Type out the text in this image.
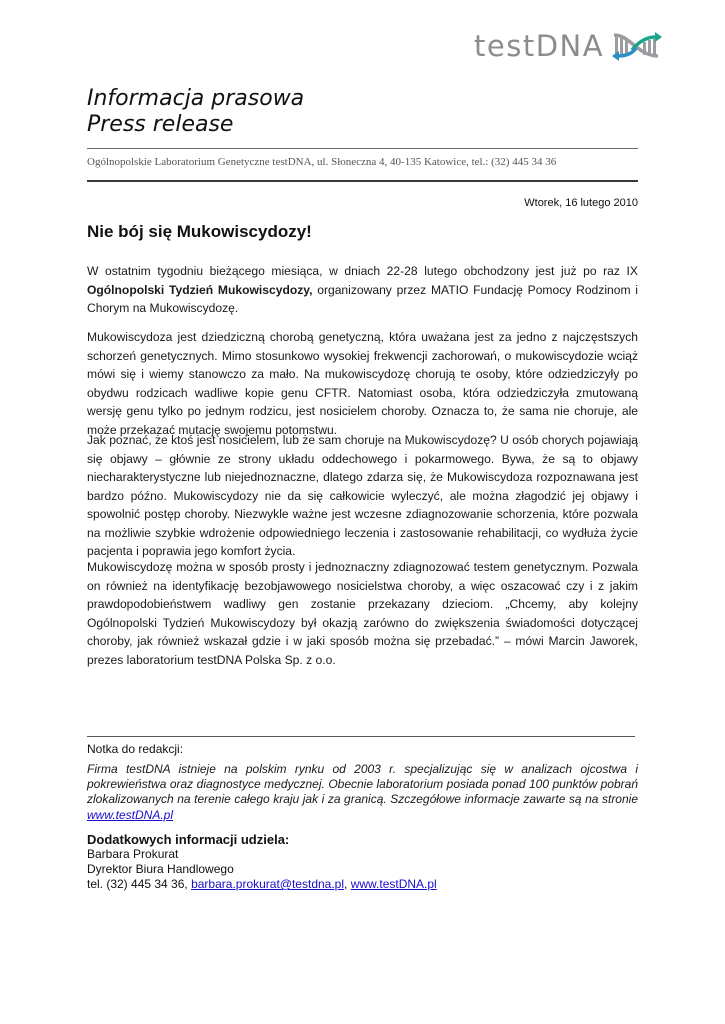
testDNA
Informacja prasowa
Press release
Ogólnopolskie Laboratorium Genetyczne testDNA, ul. Słoneczna 4, 40-135 Katowice, tel.: (32) 445 34 36
Wtorek, 16 lutego 2010
Nie bój się Mukowiscydozy!
W ostatnim tygodniu bieżącego miesiąca, w dniach 22-28 lutego obchodzony jest już po raz IX Ogólnopolski Tydzień Mukowiscydozy, organizowany przez MATIO Fundację Pomocy Rodzinom i Chorym na Mukowiscydozę.
Mukowiscydoza jest dziedziczną chorobą genetyczną, która uważana jest za jedno z najczęstszych schorzeń genetycznych. Mimo stosunkowo wysokiej frekwencji zachorowań, o mukowiscydozie wciąż mówi się i wiemy stanowczo za mało. Na mukowiscydozę chorują te osoby, które odziedziczyły po obydwu rodzicach wadliwe kopie genu CFTR. Natomiast osoba, która odziedziczyła zmutowaną wersję genu tylko po jednym rodzicu, jest nosicielem choroby. Oznacza to, że sama nie choruje, ale może przekazać mutację swojemu potomstwu.
Jak poznać, że ktoś jest nosicielem, lub że sam choruje na Mukowiscydozę? U osób chorych pojawiają się objawy – głównie ze strony układu oddechowego i pokarmowego. Bywa, że są to objawy niecharakterystyczne lub niejednoznaczne, dlatego zdarza się, że Mukowiscydoza rozpoznawana jest bardzo późno. Mukowiscydozy nie da się całkowicie wyleczyć, ale można złagodzić jej objawy i spowolnić postęp choroby. Niezwykle ważne jest wczesne zdiagnozowanie schorzenia, które pozwala na możliwie szybkie wdrożenie odpowiedniego leczenia i zastosowanie rehabilitacji, co wydłuża życie pacjenta i poprawia jego komfort życia.
Mukowiscydozę można w sposób prosty i jednoznaczny zdiagnozować testem genetycznym. Pozwala on również na identyfikację bezobjawowego nosicielstwa choroby, a więc oszacować czy i z jakim prawdopodobieństwem wadliwy gen zostanie przekazany dzieciom. „Chcemy, aby kolejny Ogólnopolski Tydzień Mukowiscydozy był okazją zarówno do zwiększenia świadomości dotyczącej choroby, jak również wskazał gdzie i w jaki sposób można się przebadać.” – mówi Marcin Jaworek, prezes laboratorium testDNA Polska Sp. z o.o.
Notka do redakcji:
Firma testDNA istnieje na polskim rynku od 2003 r. specjalizując się w analizach ojcostwa i pokrewieństwa oraz diagnostyce medycznej. Obecnie laboratorium posiada ponad 100 punktów pobrań zlokalizowanych na terenie całego kraju jak i za granicą. Szczegółowe informacje zawarte są na stronie www.testDNA.pl
Dodatkowych informacji udziela:
Barbara Prokurat
Dyrektor Biura Handlowego
tel. (32) 445 34 36, barbara.prokurat@testdna.pl, www.testDNA.pl
